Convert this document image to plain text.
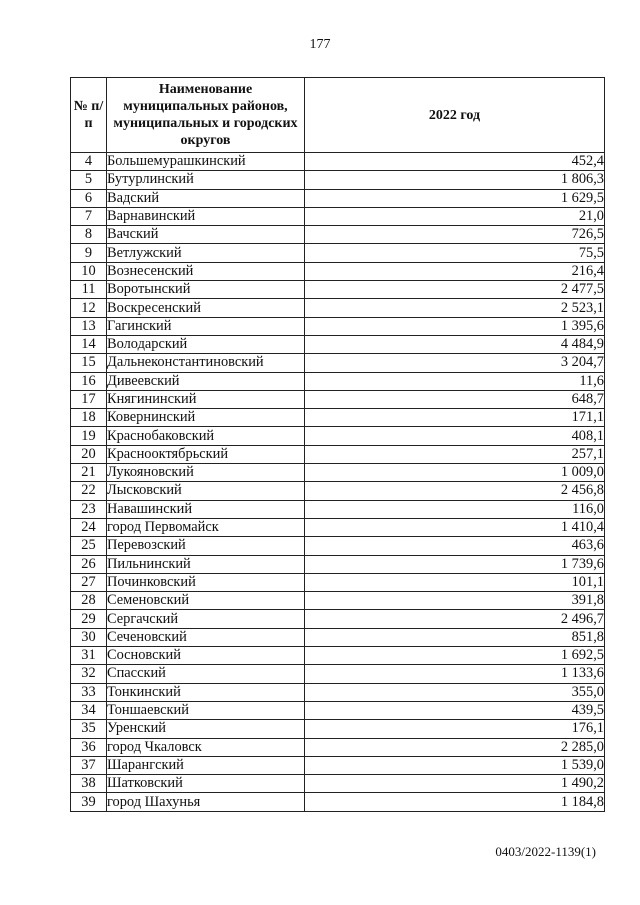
177
№ п/п	Наименование муниципальных районов, муниципальных и городских округов	2022 год
4	Большемурашкинский	452,4
5	Бутурлинский	1 806,3
6	Вадский	1 629,5
7	Варнавинский	21,0
8	Вачский	726,5
9	Ветлужский	75,5
10	Вознесенский	216,4
11	Воротынский	2 477,5
12	Воскресенский	2 523,1
13	Гагинский	1 395,6
14	Володарский	4 484,9
15	Дальнеконстантиновский	3 204,7
16	Дивеевский	11,6
17	Княгининский	648,7
18	Ковернинский	171,1
19	Краснобаковский	408,1
20	Краснооктябрьский	257,1
21	Лукояновский	1 009,0
22	Лысковский	2 456,8
23	Навашинский	116,0
24	город Первомайск	1 410,4
25	Перевозский	463,6
26	Пильнинский	1 739,6
27	Починковский	101,1
28	Семеновский	391,8
29	Сергачский	2 496,7
30	Сеченовский	851,8
31	Сосновский	1 692,5
32	Спасский	1 133,6
33	Тонкинский	355,0
34	Тоншаевский	439,5
35	Уренский	176,1
36	город Чкаловск	2 285,0
37	Шарангский	1 539,0
38	Шатковский	1 490,2
39	город Шахунья	1 184,8
0403/2022-1139(1)
